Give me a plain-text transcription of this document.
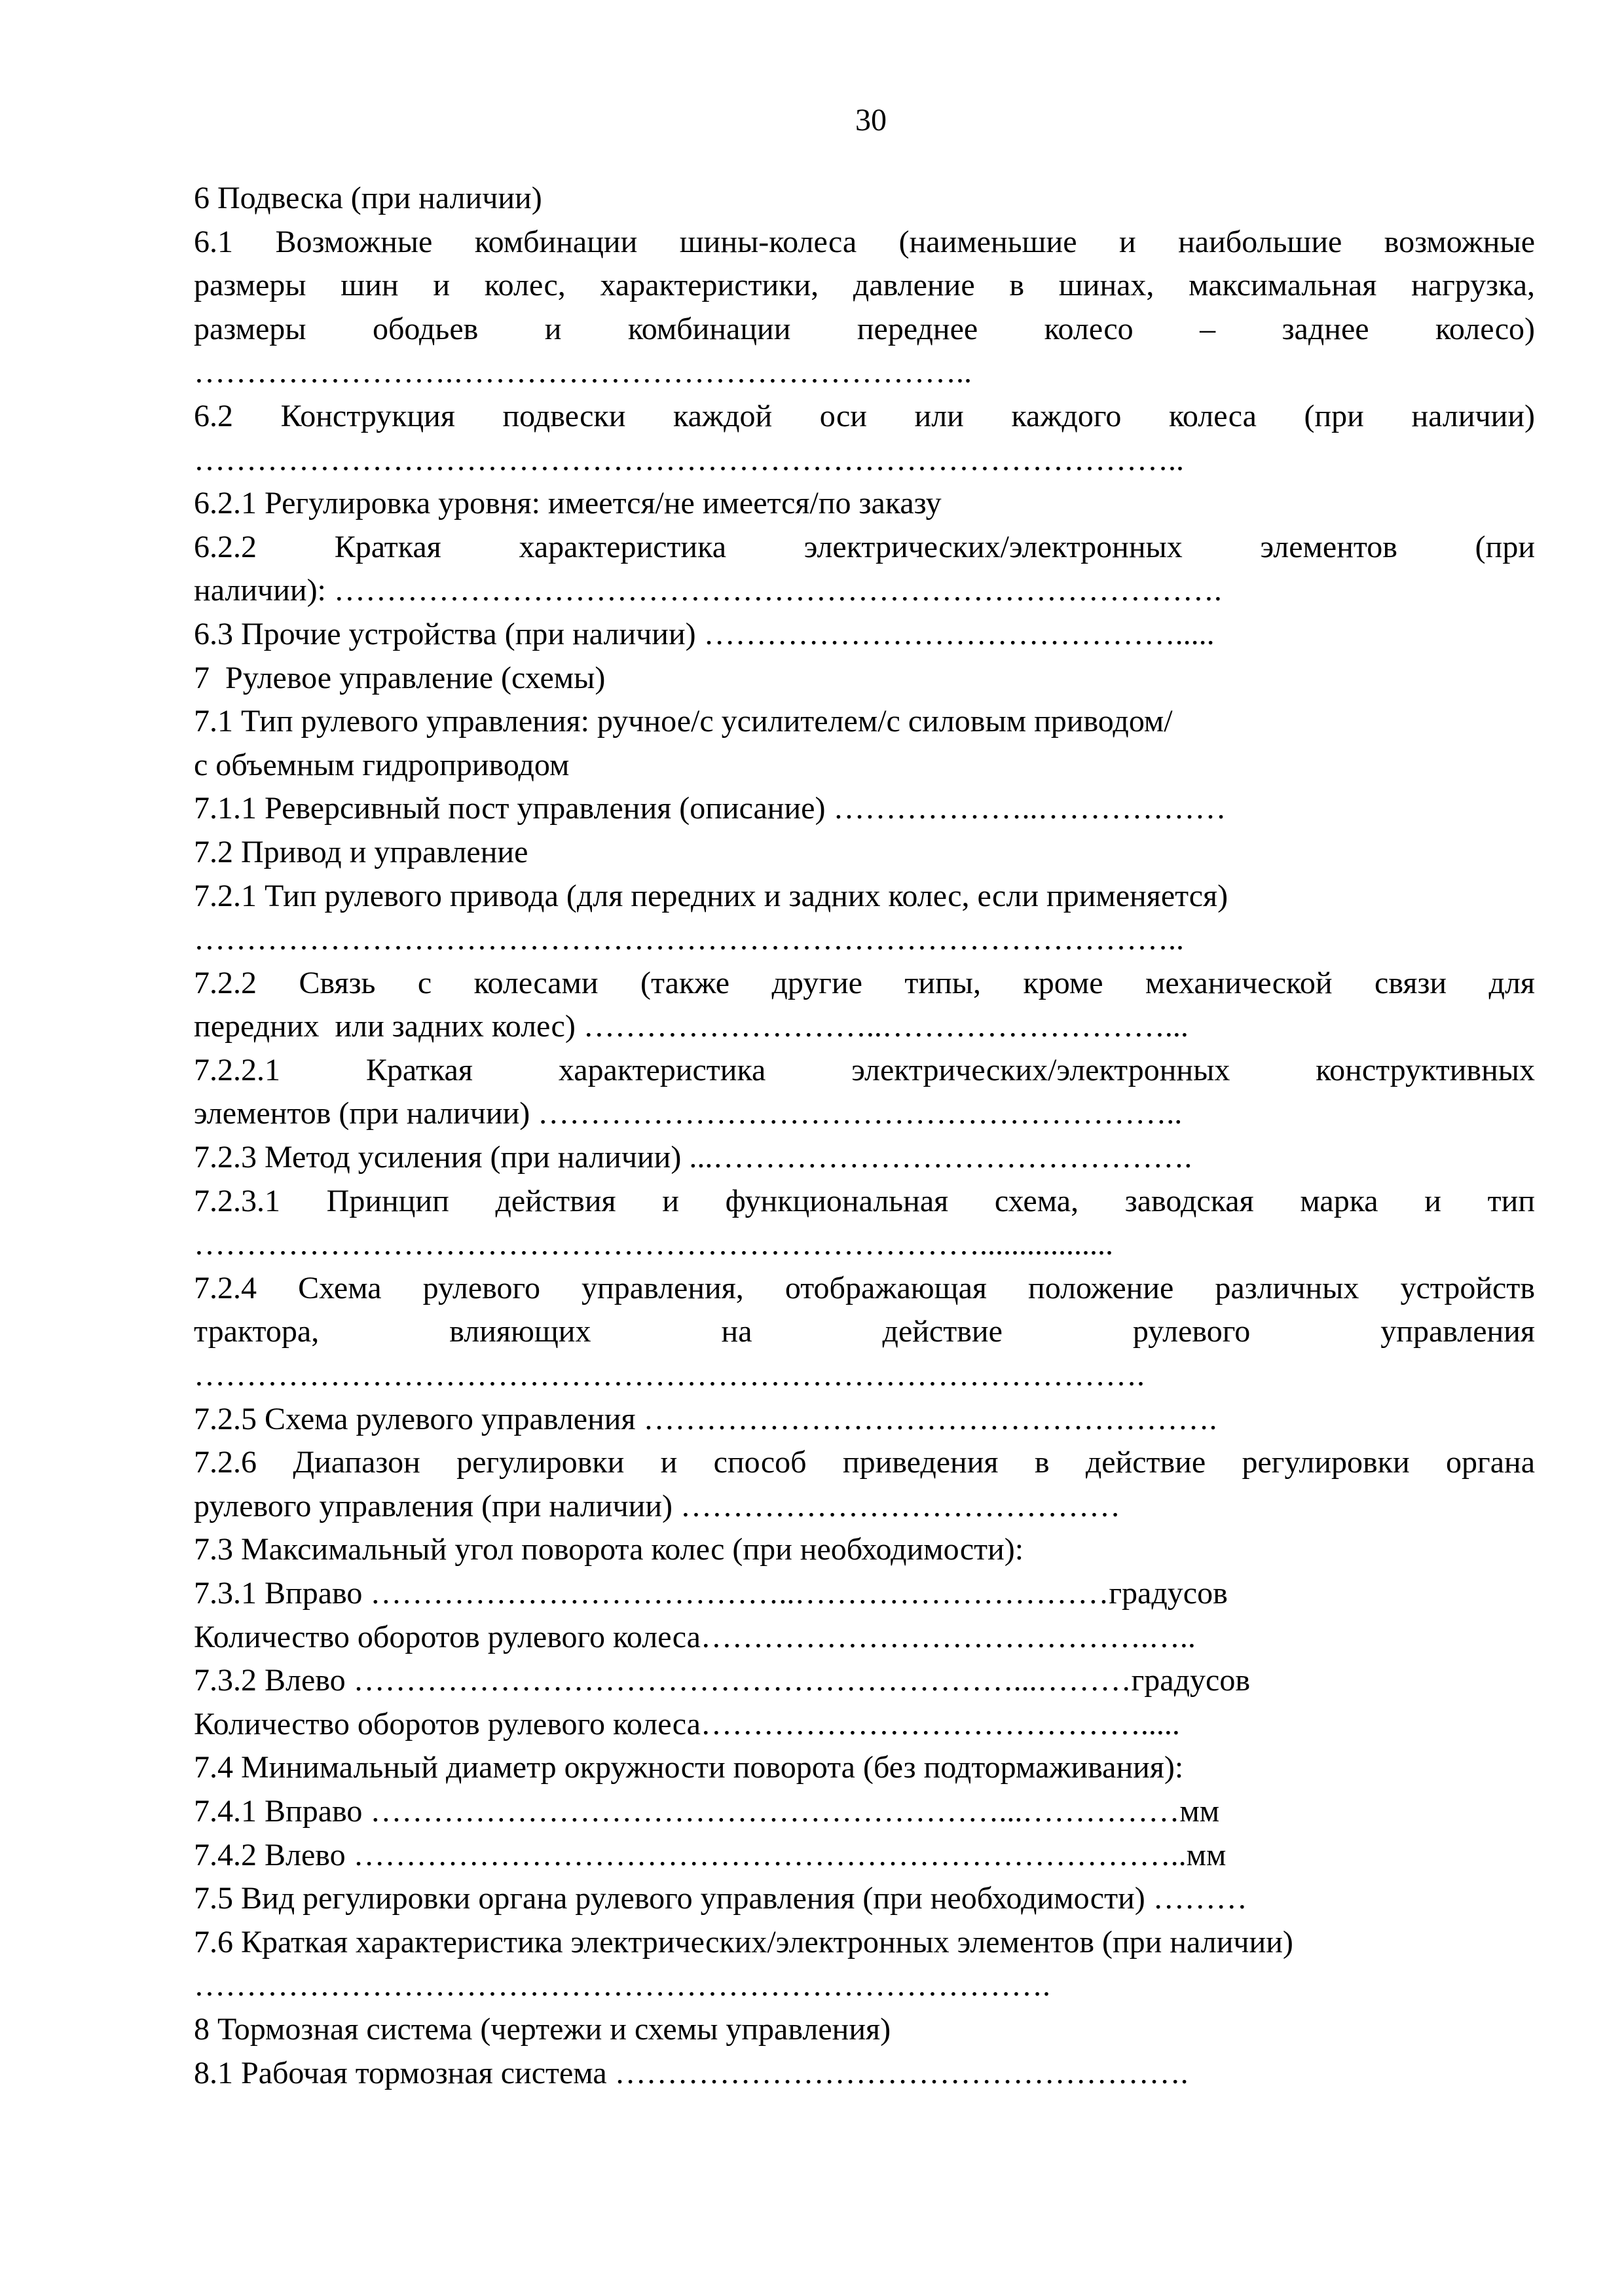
30
6 Подвеска (при наличии)
6.1 Возможные комбинации шины-колеса (наименьшие и наибольшие возможные
размеры шин и колес, характеристики, давление в шинах, максимальная нагрузка,
размеры ободьев и комбинации переднее колесо – заднее колесо)
…………………….…………………………………………..
6.2 Конструкция подвески каждой оси или каждого колеса (при наличии)
…………………………………………………………………………………..
6.2.1 Регулировка уровня: имеется/не имеется/по заказу
6.2.2 Краткая характеристика электрических/электронных элементов (при
наличии): ………………………………………………………………………….
6.3 Прочие устройства (при наличии) ……………………………………….....
7  Рулевое управление (схемы)
7.1 Тип рулевого управления: ручное/с усилителем/с силовым приводом/
с объемным гидроприводом
7.1.1 Реверсивный пост управления (описание) ………………..………………
7.2 Привод и управление
7.2.1 Тип рулевого привода (для передних и задних колес, если применяется)
…………………………………………………………………………………..
7.2.2 Связь с колесами (также другие типы, кроме механической связи для
передних  или задних колес) ………………………..………………………...
7.2.2.1 Краткая характеристика электрических/электронных конструктивных
элементов (при наличии) ……………………………………………………..
7.2.3 Метод усиления (при наличии) ...……………………………………….
7.2.3.1 Принцип действия и функциональная схема, заводская марка и тип
………………………………………………………………….................
7.2.4 Схема рулевого управления, отображающая положение различных устройств
трактора, влияющих на действие рулевого управления
……………………………………………………………………………….
7.2.5 Схема рулевого управления ……………………………………………….
7.2.6 Диапазон регулировки и способ приведения в действие регулировки органа
рулевого управления (при наличии) ……………………………………
7.3 Максимальный угол поворота колес (при необходимости):
7.3.1 Вправо …………………………………..…………………………градусов
Количество оборотов рулевого колеса…………………………………….…..
7.3.2 Влево ………………………………………………………...………градусов
Количество оборотов рулевого колеса…………………………………….....
7.4 Минимальный диаметр окружности поворота (без подтормаживания):
7.4.1 Вправо ……………………………………………………...……………мм
7.4.2 Влево ……………………………………………………………………..мм
7.5 Вид регулировки органа рулевого управления (при необходимости) ………
7.6 Краткая характеристика электрических/электронных элементов (при наличии)
……………………………………………………………………….
8 Тормозная система (чертежи и схемы управления)
8.1 Рабочая тормозная система ……………………………………………….
